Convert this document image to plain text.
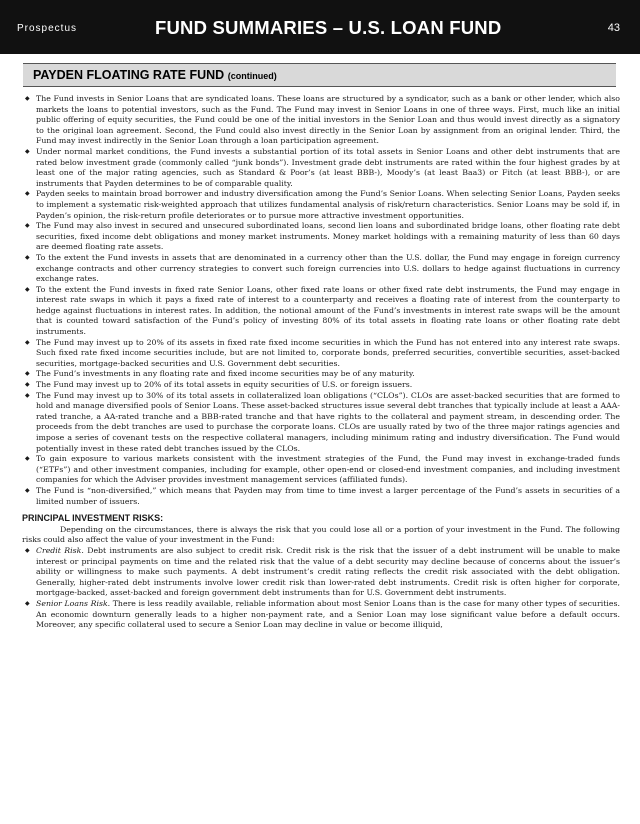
Prospectus	FUND SUMMARIES – U.S. LOAN FUND	43
PAYDEN FLOATING RATE FUND (continued)
◆ The Fund invests in Senior Loans that are syndicated loans. These loans are structured by a syndicator, such as a bank or other lender, which also markets the loans to potential investors, such as the Fund. The Fund may invest in Senior Loans in one of three ways. First, much like an initial public offering of equity securities, the Fund could be one of the initial investors in the Senior Loan and thus would invest directly as a signatory to the original loan agreement. Second, the Fund could also invest directly in the Senior Loan by assignment from an original lender. Third, the Fund may invest indirectly in the Senior Loan through a loan participation agreement.
◆ Under normal market conditions, the Fund invests a substantial portion of its total assets in Senior Loans and other debt instruments that are rated below investment grade (commonly called “junk bonds”). Investment grade debt instruments are rated within the four highest grades by at least one of the major rating agencies, such as Standard & Poor’s (at least BBB-), Moody’s (at least Baa3) or Fitch (at least BBB-), or are instruments that Payden determines to be of comparable quality.
◆ Payden seeks to maintain broad borrower and industry diversification among the Fund’s Senior Loans. When selecting Senior Loans, Payden seeks to implement a systematic risk-weighted approach that utilizes fundamental analysis of risk/return characteristics. Senior Loans may be sold if, in Payden’s opinion, the risk-return profile deteriorates or to pursue more attractive investment opportunities.
◆ The Fund may also invest in secured and unsecured subordinated loans, second lien loans and subordinated bridge loans, other floating rate debt securities, fixed income debt obligations and money market instruments. Money market holdings with a remaining maturity of less than 60 days are deemed floating rate assets.
◆ To the extent the Fund invests in assets that are denominated in a currency other than the U.S. dollar, the Fund may engage in foreign currency exchange contracts and other currency strategies to convert such foreign currencies into U.S. dollars to hedge against fluctuations in currency exchange rates.
◆ To the extent the Fund invests in fixed rate Senior Loans, other fixed rate loans or other fixed rate debt instruments, the Fund may engage in interest rate swaps in which it pays a fixed rate of interest to a counterparty and receives a floating rate of interest from the counterparty to hedge against fluctuations in interest rates. In addition, the notional amount of the Fund’s investments in interest rate swaps will be the amount that is counted toward satisfaction of the Fund’s policy of investing 80% of its total assets in floating rate loans or other floating rate debt instruments.
◆ The Fund may invest up to 20% of its assets in fixed rate fixed income securities in which the Fund has not entered into any interest rate swaps. Such fixed rate fixed income securities include, but are not limited to, corporate bonds, preferred securities, convertible securities, asset-backed securities, mortgage-backed securities and U.S. Government debt securities.
◆ The Fund’s investments in any floating rate and fixed income securities may be of any maturity.
◆ The Fund may invest up to 20% of its total assets in equity securities of U.S. or foreign issuers.
◆ The Fund may invest up to 30% of its total assets in collateralized loan obligations (“CLOs”). CLOs are asset-backed securities that are formed to hold and manage diversified pools of Senior Loans. These asset-backed structures issue several debt tranches that typically include at least a AAA-rated tranche, a AA-rated tranche and a BBB-rated tranche and that have rights to the collateral and payment stream, in descending order. The proceeds from the debt tranches are used to purchase the corporate loans. CLOs are usually rated by two of the three major ratings agencies and impose a series of covenant tests on the respective collateral managers, including minimum rating and industry diversification. The Fund would potentially invest in these rated debt tranches issued by the CLOs.
◆ To gain exposure to various markets consistent with the investment strategies of the Fund, the Fund may invest in exchange-traded funds (“ETFs”) and other investment companies, including for example, other open-end or closed-end investment companies, and including investment companies for which the Adviser provides investment management services (affiliated funds).
◆ The Fund is “non-diversified,” which means that Payden may from time to time invest a larger percentage of the Fund’s assets in securities of a limited number of issuers.
PRINCIPAL INVESTMENT RISKS:

Depending on the circumstances, there is always the risk that you could lose all or a portion of your investment in the Fund. The following risks could also affect the value of your investment in the Fund:

◆ Credit Risk. Debt instruments are also subject to credit risk. Credit risk is the risk that the issuer of a debt instrument will be unable to make interest or principal payments on time and the related risk that the value of a debt security may decline because of concerns about the issuer’s ability or willingness to make such payments. A debt instrument’s credit rating reflects the credit risk associated with the debt obligation. Generally, higher-rated debt instruments involve lower credit risk than lower-rated debt instruments. Credit risk is often higher for corporate, mortgage-backed, asset-backed and foreign government debt instruments than for U.S. Government debt instruments.
◆ Senior Loans Risk. There is less readily available, reliable information about most Senior Loans than is the case for many other types of securities. An economic downturn generally leads to a higher non-payment rate, and a Senior Loan may lose significant value before a default occurs. Moreover, any specific collateral used to secure a Senior Loan may decline in value or become illiquid,
